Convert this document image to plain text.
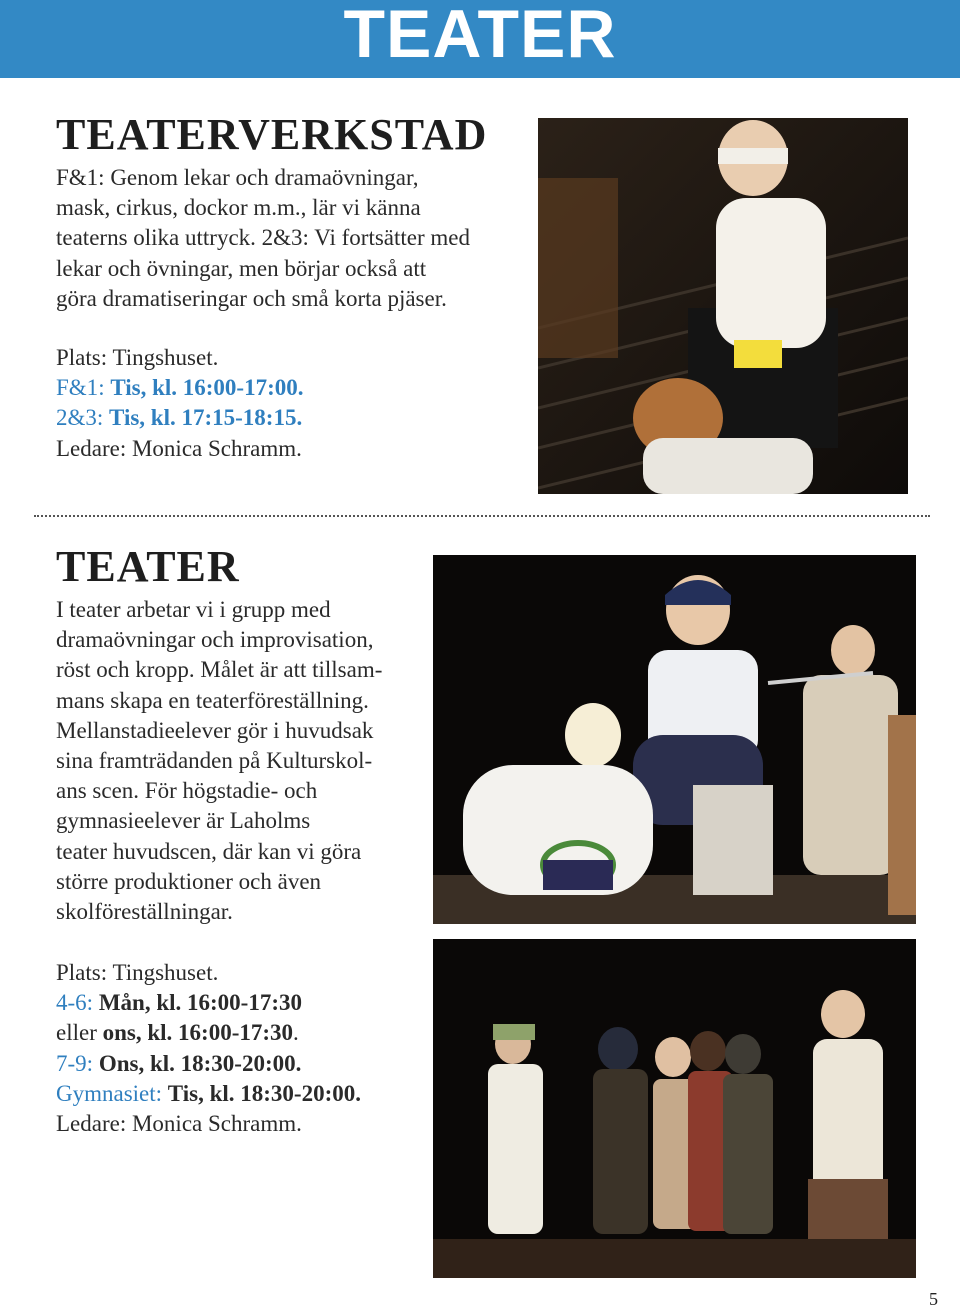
TEATER
TEATERVERKSTAD

F&1: Genom lekar och dramaövningar,

mask, cirkus, dockor m.m., lär vi känna

teaterns olika uttryck. 2&3: Vi fortsätter med

lekar och övningar, men börjar också att

göra dramatiseringar och små korta pjäser.

Plats: Tingshuset.

F&1: Tis, kl. 16:00-17:00.

2&3: Tis, kl. 17:15-18:15.

Ledare: Monica Schramm.

TEATER

I teater arbetar vi i grupp med

dramaövningar och improvisation,

röst och kropp. Målet är att tillsam-

mans skapa en teaterföreställning.

Mellanstadieelever gör i huvudsak

sina framträdanden på Kulturskol-

ans scen. För högstadie- och

gymnasieelever är Laholms

teater huvudscen, där kan vi göra

större produktioner och även

skolföreställningar.

Plats: Tingshuset.

4-6: Mån, kl. 16:00-17:30

eller ons, kl. 16:00-17:30.

7-9: Ons, kl. 18:30-20:00.

Gymnasiet: Tis, kl. 18:30-20:00.

Ledare: Monica Schramm.

5
